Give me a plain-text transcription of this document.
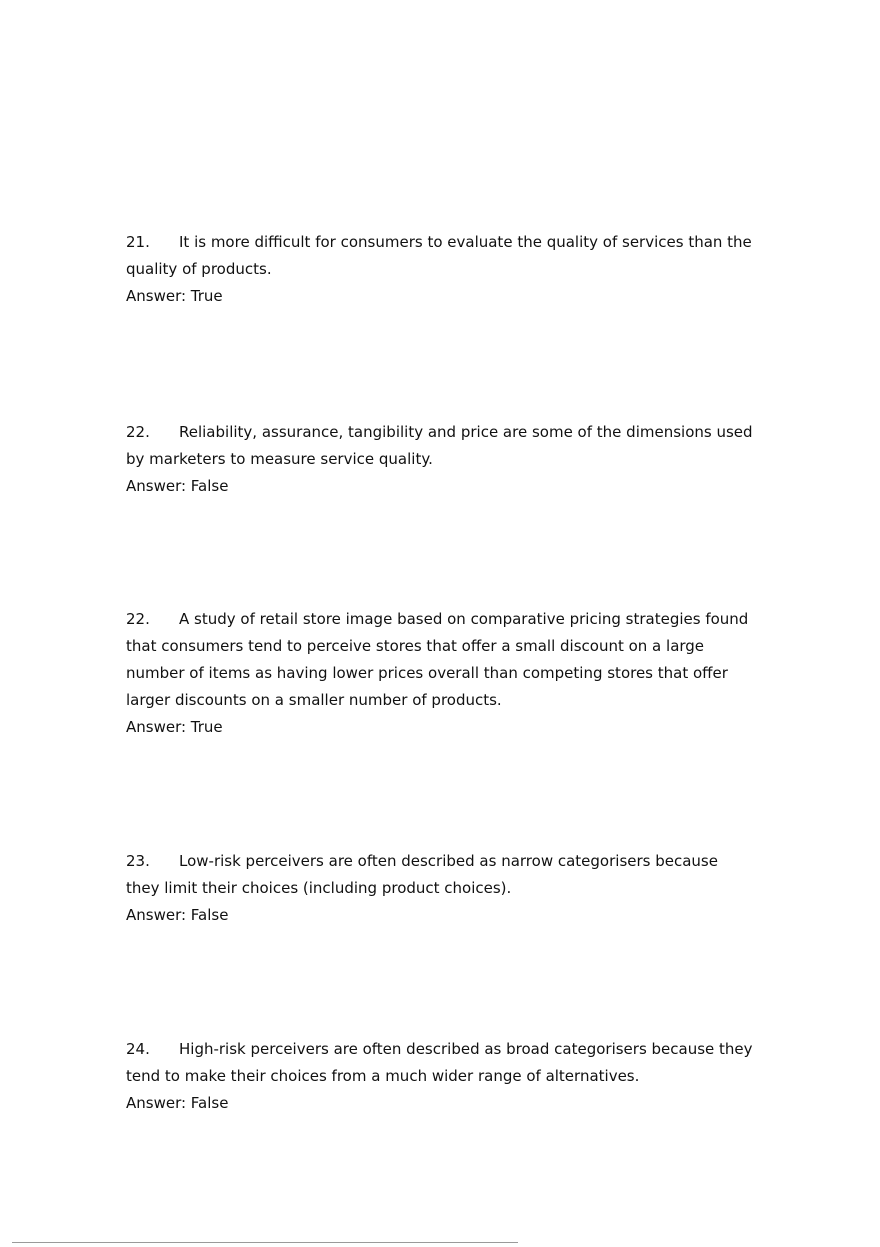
21. It is more difficult for consumers to evaluate the quality of services than the quality of products.

Answer: True

22. Reliability, assurance, tangibility and price are some of the dimensions used by marketers to measure service quality.

Answer: False

22. A study of retail store image based on comparative pricing strategies found that consumers tend to perceive stores that offer a small discount on a large number of items as having lower prices overall than competing stores that offer larger discounts on a smaller number of products.

Answer: True

23. Low-risk perceivers are often described as narrow categorisers because they limit their choices (including product choices).

Answer: False

24. High-risk perceivers are often described as broad categorisers because they tend to make their choices from a much wider range of alternatives.

Answer: False
